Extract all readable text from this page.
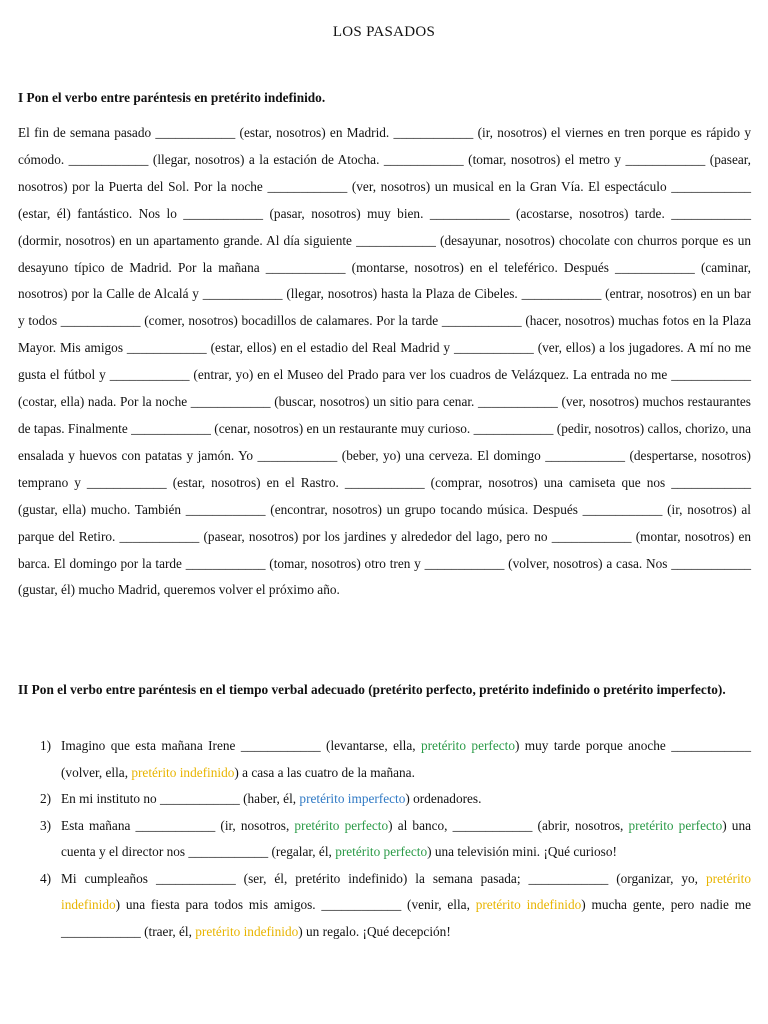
LOS PASADOS
I Pon el verbo entre paréntesis en pretérito indefinido.
El fin de semana pasado ____________ (estar, nosotros) en Madrid. ____________ (ir, nosotros) el viernes en tren porque es rápido y cómodo. ____________ (llegar, nosotros) a la estación de Atocha. ____________ (tomar, nosotros) el metro y ____________ (pasear, nosotros) por la Puerta del Sol. Por la noche ____________ (ver, nosotros) un musical en la Gran Vía. El espectáculo ____________ (estar, él) fantástico. Nos lo ____________ (pasar, nosotros) muy bien. ____________ (acostarse, nosotros) tarde. ____________ (dormir, nosotros) en un apartamento grande. Al día siguiente ____________ (desayunar, nosotros) chocolate con churros porque es un desayuno típico de Madrid. Por la mañana ____________ (montarse, nosotros) en el teleférico. Después ____________ (caminar, nosotros) por la Calle de Alcalá y ____________ (llegar, nosotros) hasta la Plaza de Cibeles. ____________ (entrar, nosotros) en un bar y todos ____________ (comer, nosotros) bocadillos de calamares. Por la tarde ____________ (hacer, nosotros) muchas fotos en la Plaza Mayor. Mis amigos ____________ (estar, ellos) en el estadio del Real Madrid y ____________ (ver, ellos) a los jugadores. A mí no me gusta el fútbol y ____________ (entrar, yo) en el Museo del Prado para ver los cuadros de Velázquez. La entrada no me ____________ (costar, ella) nada. Por la noche ____________ (buscar, nosotros) un sitio para cenar. ____________ (ver, nosotros) muchos restaurantes de tapas. Finalmente ____________ (cenar, nosotros) en un restaurante muy curioso. ____________ (pedir, nosotros) callos, chorizo, una ensalada y huevos con patatas y jamón. Yo ____________ (beber, yo) una cerveza. El domingo ____________ (despertarse, nosotros) temprano y ____________ (estar, nosotros) en el Rastro. ____________ (comprar, nosotros) una camiseta que nos ____________ (gustar, ella) mucho. También ____________ (encontrar, nosotros) un grupo tocando música. Después ____________ (ir, nosotros) al parque del Retiro. ____________ (pasear, nosotros) por los jardines y alrededor del lago, pero no ____________ (montar, nosotros) en barca. El domingo por la tarde ____________ (tomar, nosotros) otro tren y ____________ (volver, nosotros) a casa. Nos ____________ (gustar, él) mucho Madrid, queremos volver el próximo año.
II Pon el verbo entre paréntesis en el tiempo verbal adecuado (pretérito perfecto, pretérito indefinido o pretérito imperfecto).
1) Imagino que esta mañana Irene ____________ (levantarse, ella, pretérito perfecto) muy tarde porque anoche ____________ (volver, ella, pretérito indefinido) a casa a las cuatro de la mañana.
2) En mi instituto no ____________ (haber, él, pretérito imperfecto) ordenadores.
3) Esta mañana ____________ (ir, nosotros, pretérito perfecto) al banco, ____________ (abrir, nosotros, pretérito perfecto) una cuenta y el director nos ____________ (regalar, él, pretérito perfecto) una televisión mini. ¡Qué curioso!
4) Mi cumpleaños ____________ (ser, él, pretérito indefinido) la semana pasada; ____________ (organizar, yo, pretérito indefinido) una fiesta para todos mis amigos. ____________ (venir, ella, pretérito indefinido) mucha gente, pero nadie me ____________ (traer, él, pretérito indefinido) un regalo. ¡Qué decepción!
